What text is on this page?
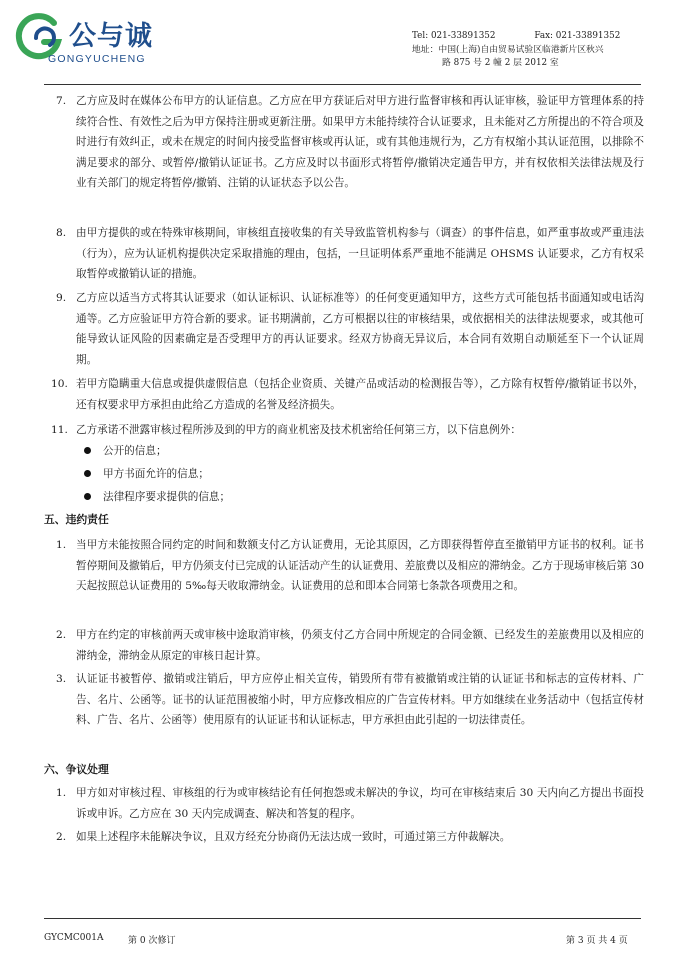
公与诚
GONGYUCHENG
Tel: 021-33891352	Fax: 021-33891352
地址：中国(上海)自由贸易试验区临港新片区秋兴
路 875 号 2 幢 2 层 2012 室
7. 乙方应及时在媒体公布甲方的认证信息。乙方应在甲方获证后对甲方进行监督审核和再认证审核，验证甲方管理体系的持续符合性、有效性之后为甲方保持注册或更新注册。如果甲方未能持续符合认证要求，且未能对乙方所提出的不符合项及时进行有效纠正，或未在规定的时间内接受监督审核或再认证，或有其他违规行为，乙方有权缩小其认证范围，以排除不满足要求的部分、或暂停/撤销认证证书。乙方应及时以书面形式将暂停/撤销决定通告甲方，并有权依相关法律法规及行业有关部门的规定将暂停/撤销、注销的认证状态予以公告。
8. 由甲方提供的或在特殊审核期间，审核组直接收集的有关导致监管机构参与（调查）的事件信息，如严重事故或严重违法（行为），应为认证机构提供决定采取措施的理由，包括，一旦证明体系严重地不能满足 OHSMS 认证要求，乙方有权采取暂停或撤销认证的措施。
9. 乙方应以适当方式将其认证要求（如认证标识、认证标准等）的任何变更通知甲方，这些方式可能包括书面通知或电话沟通等。乙方应验证甲方符合新的要求。证书期满前，乙方可根据以往的审核结果，或依据相关的法律法规要求，或其他可能导致认证风险的因素确定是否受理甲方的再认证要求。经双方协商无异议后，本合同有效期自动顺延至下一个认证周期。
10. 若甲方隐瞒重大信息或提供虚假信息（包括企业资质、关键产品或活动的检测报告等），乙方除有权暂停/撤销证书以外，还有权要求甲方承担由此给乙方造成的名誉及经济损失。
11. 乙方承诺不泄露审核过程所涉及到的甲方的商业机密及技术机密给任何第三方，以下信息例外：
公开的信息；
甲方书面允许的信息；
法律程序要求提供的信息；
五、违约责任
1. 当甲方未能按照合同约定的时间和数额支付乙方认证费用，无论其原因，乙方即获得暂停直至撤销甲方证书的权利。证书暂停期间及撤销后，甲方仍须支付已完成的认证活动产生的认证费用、差旅费以及相应的滞纳金。乙方于现场审核后第 30 天起按照总认证费用的 5‰每天收取滞纳金。认证费用的总和即本合同第七条款各项费用之和。
2. 甲方在约定的审核前两天或审核中途取消审核，仍须支付乙方合同中所规定的合同金额、已经发生的差旅费用以及相应的滞纳金，滞纳金从原定的审核日起计算。
3. 认证证书被暂停、撤销或注销后，甲方应停止相关宣传，销毁所有带有被撤销或注销的认证证书和标志的宣传材料、广告、名片、公函等。证书的认证范围被缩小时，甲方应修改相应的广告宣传材料。甲方如继续在业务活动中（包括宣传材料、广告、名片、公函等）使用原有的认证证书和认证标志，甲方承担由此引起的一切法律责任。
六、争议处理
1. 甲方如对审核过程、审核组的行为或审核结论有任何抱怨或未解决的争议，均可在审核结束后 30 天内向乙方提出书面投诉或申诉。乙方应在 30 天内完成调查、解决和答复的程序。
2. 如果上述程序未能解决争议，且双方经充分协商仍无法达成一致时，可通过第三方仲裁解决。
GYCMC001A	第 0 次修订	第 3 页 共 4 页
